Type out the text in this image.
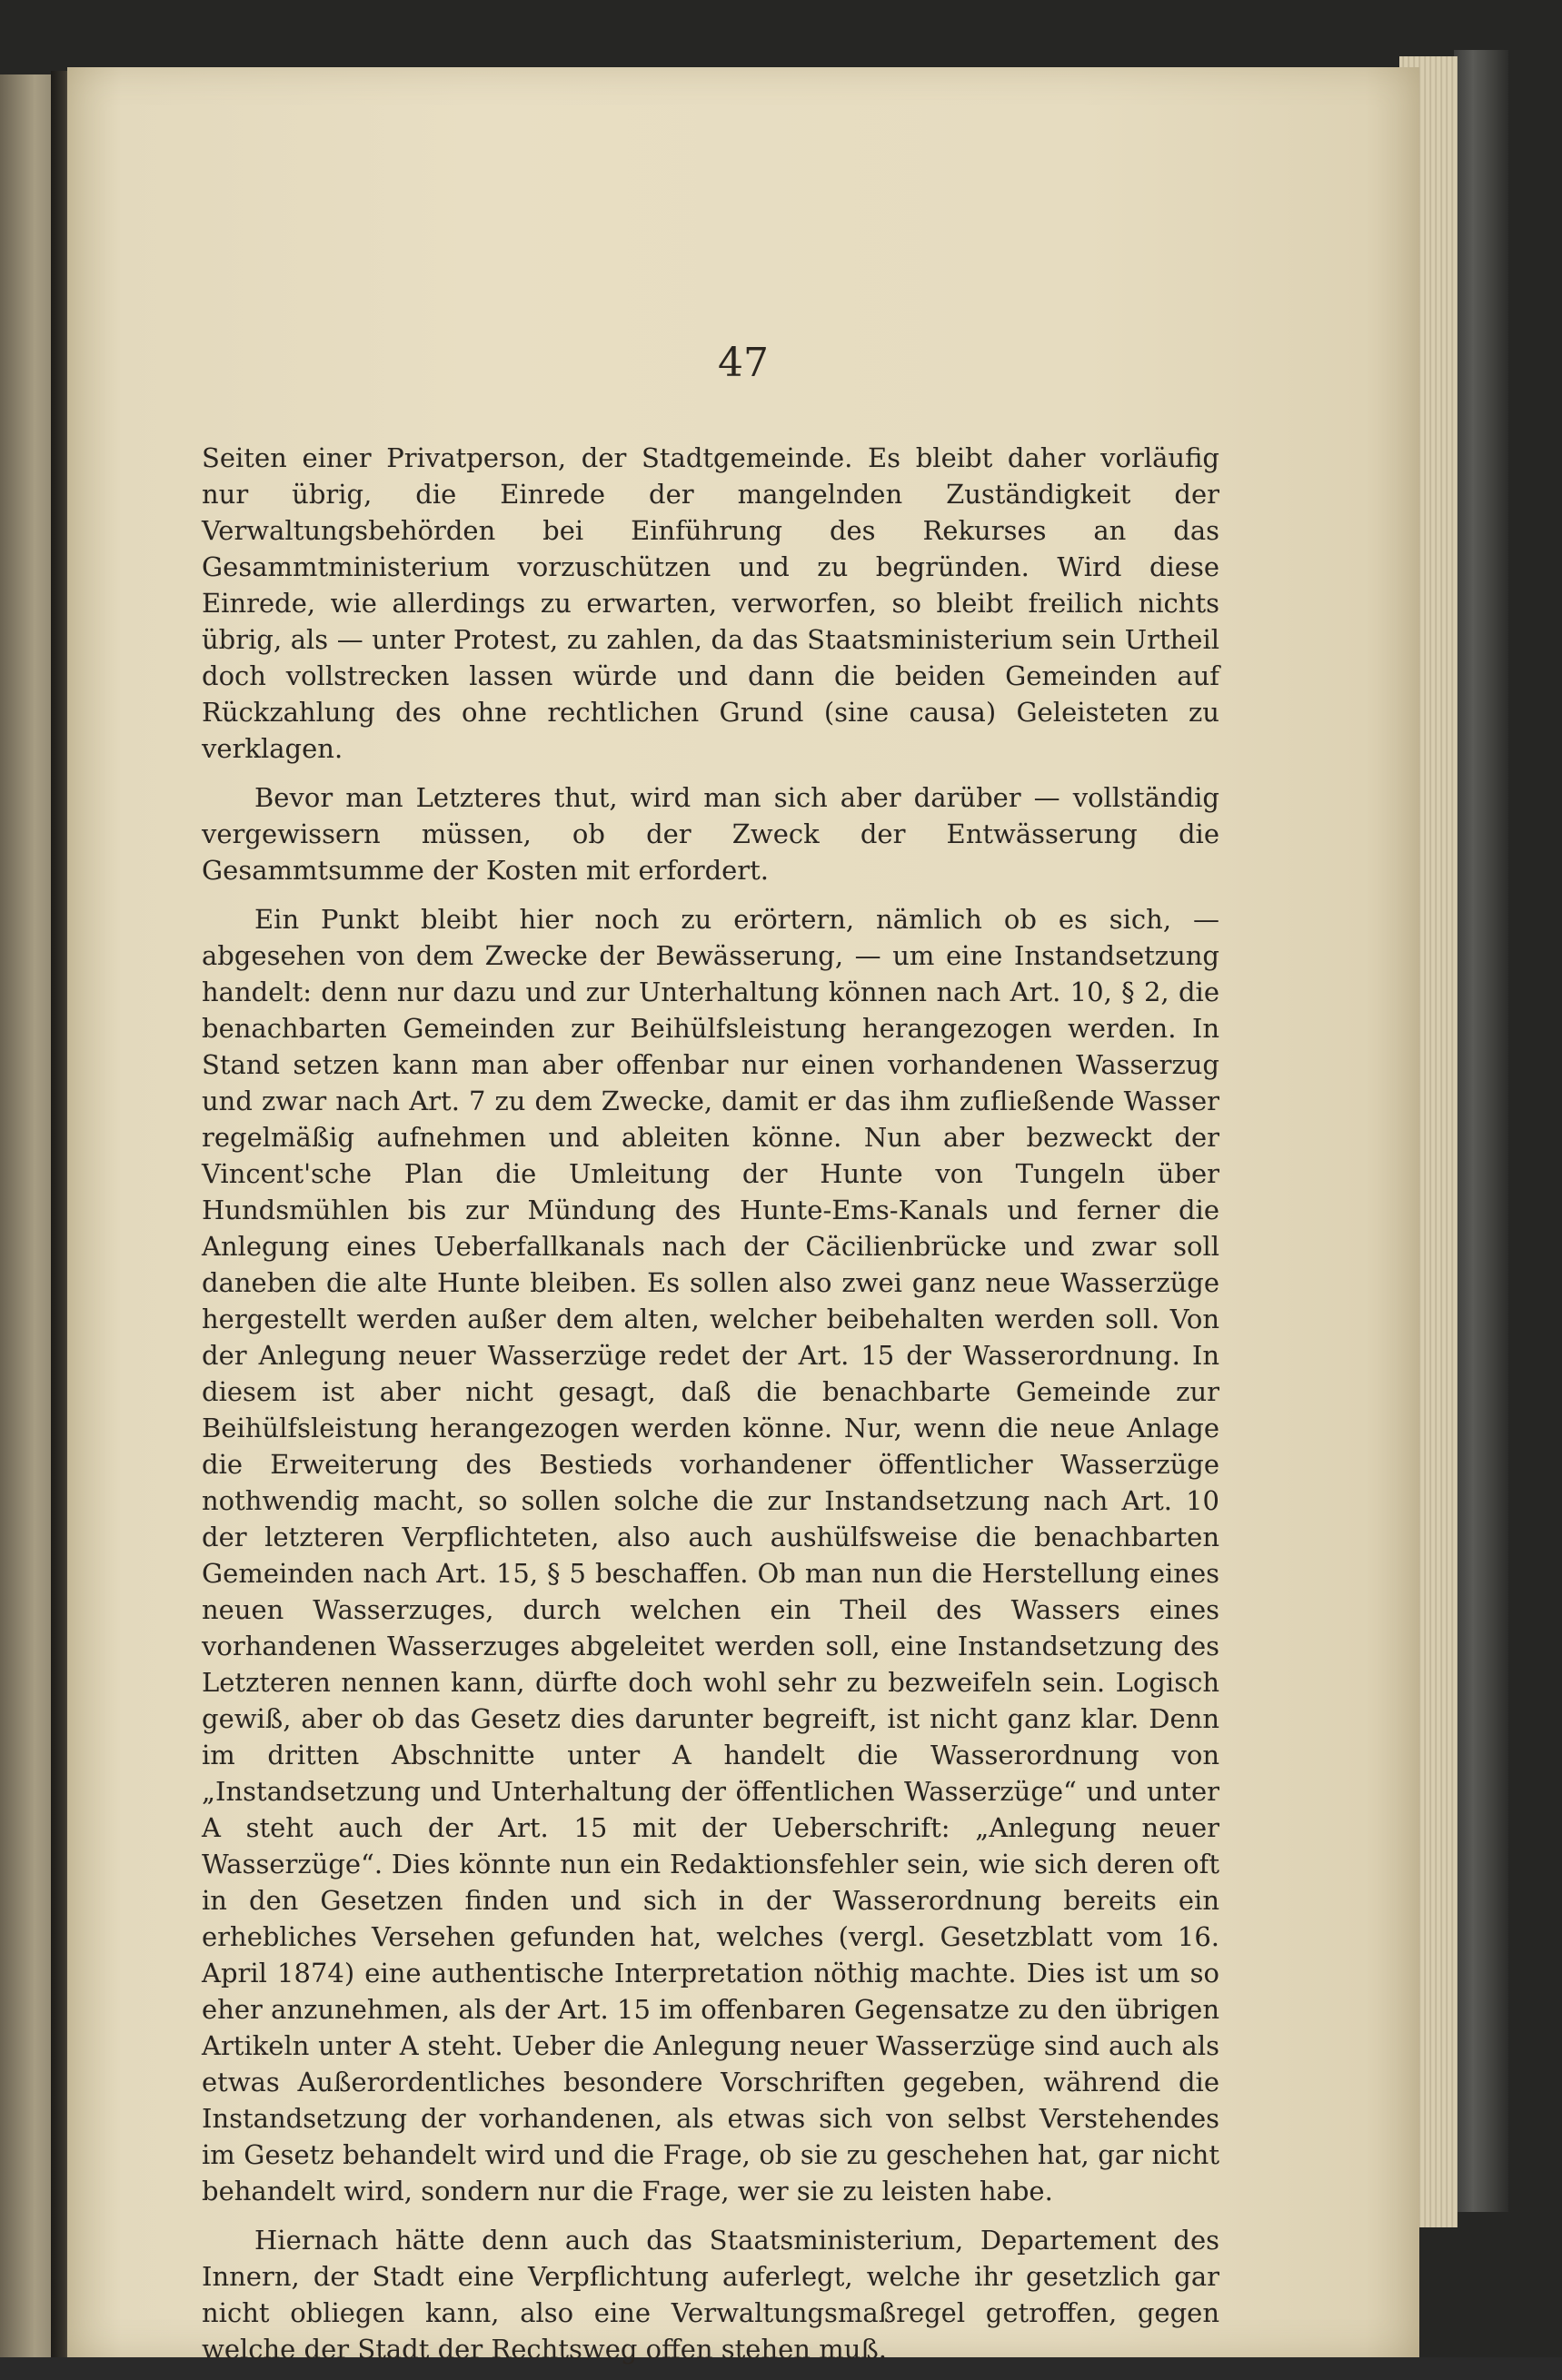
47

Seiten einer Privatperson, der Stadtgemeinde. Es bleibt daher vorläufig nur übrig, die Einrede der mangelnden Zuständigkeit der Verwaltungsbehörden bei Einführung des Rekurses an das Gesammtministerium vorzuschützen und zu begründen. Wird diese Einrede, wie allerdings zu erwarten, verworfen, so bleibt freilich nichts übrig, als — unter Protest, zu zahlen, da das Staatsministerium sein Urtheil doch vollstrecken lassen würde und dann die beiden Gemeinden auf Rückzahlung des ohne rechtlichen Grund (sine causa) Geleisteten zu verklagen.

Bevor man Letzteres thut, wird man sich aber darüber — vollständig vergewissern müssen, ob der Zweck der Entwässerung die Gesammtsumme der Kosten mit erfordert.

Ein Punkt bleibt hier noch zu erörtern, nämlich ob es sich, — abgesehen von dem Zwecke der Bewässerung, — um eine Instandsetzung handelt: denn nur dazu und zur Unterhaltung können nach Art. 10, § 2, die benachbarten Gemeinden zur Beihülfsleistung herangezogen werden. In Stand setzen kann man aber offenbar nur einen vorhandenen Wasserzug und zwar nach Art. 7 zu dem Zwecke, damit er das ihm zufließende Wasser regelmäßig aufnehmen und ableiten könne. Nun aber bezweckt der Vincent'sche Plan die Umleitung der Hunte von Tungeln über Hundsmühlen bis zur Mündung des Hunte-Ems-Kanals und ferner die Anlegung eines Ueberfallkanals nach der Cäcilienbrücke und zwar soll daneben die alte Hunte bleiben. Es sollen also zwei ganz neue Wasserzüge hergestellt werden außer dem alten, welcher beibehalten werden soll. Von der Anlegung neuer Wasserzüge redet der Art. 15 der Wasserordnung. In diesem ist aber nicht gesagt, daß die benachbarte Gemeinde zur Beihülfsleistung herangezogen werden könne. Nur, wenn die neue Anlage die Erweiterung des Bestieds vorhandener öffentlicher Wasserzüge nothwendig macht, so sollen solche die zur Instandsetzung nach Art. 10 der letzteren Verpflichteten, also auch aushülfsweise die benachbarten Gemeinden nach Art. 15, § 5 beschaffen. Ob man nun die Herstellung eines neuen Wasserzuges, durch welchen ein Theil des Wassers eines vorhandenen Wasserzuges abgeleitet werden soll, eine Instandsetzung des Letzteren nennen kann, dürfte doch wohl sehr zu bezweifeln sein. Logisch gewiß, aber ob das Gesetz dies darunter begreift, ist nicht ganz klar. Denn im dritten Abschnitte unter A handelt die Wasserordnung von „Instandsetzung und Unterhaltung der öffentlichen Wasserzüge“ und unter A steht auch der Art. 15 mit der Ueberschrift: „Anlegung neuer Wasserzüge“. Dies könnte nun ein Redaktionsfehler sein, wie sich deren oft in den Gesetzen finden und sich in der Wasserordnung bereits ein erhebliches Versehen gefunden hat, welches (vergl. Gesetzblatt vom 16. April 1874) eine authentische Interpretation nöthig machte. Dies ist um so eher anzunehmen, als der Art. 15 im offenbaren Gegensatze zu den übrigen Artikeln unter A steht. Ueber die Anlegung neuer Wasserzüge sind auch als etwas Außerordentliches besondere Vorschriften gegeben, während die Instandsetzung der vorhandenen, als etwas sich von selbst Verstehendes im Gesetz behandelt wird und die Frage, ob sie zu geschehen hat, gar nicht behandelt wird, sondern nur die Frage, wer sie zu leisten habe.

Hiernach hätte denn auch das Staatsministerium, Departement des Innern, der Stadt eine Verpflichtung auferlegt, welche ihr gesetzlich gar nicht obliegen kann, also eine Verwaltungsmaßregel getroffen, gegen welche der Stadt der Rechtsweg offen stehen muß.
